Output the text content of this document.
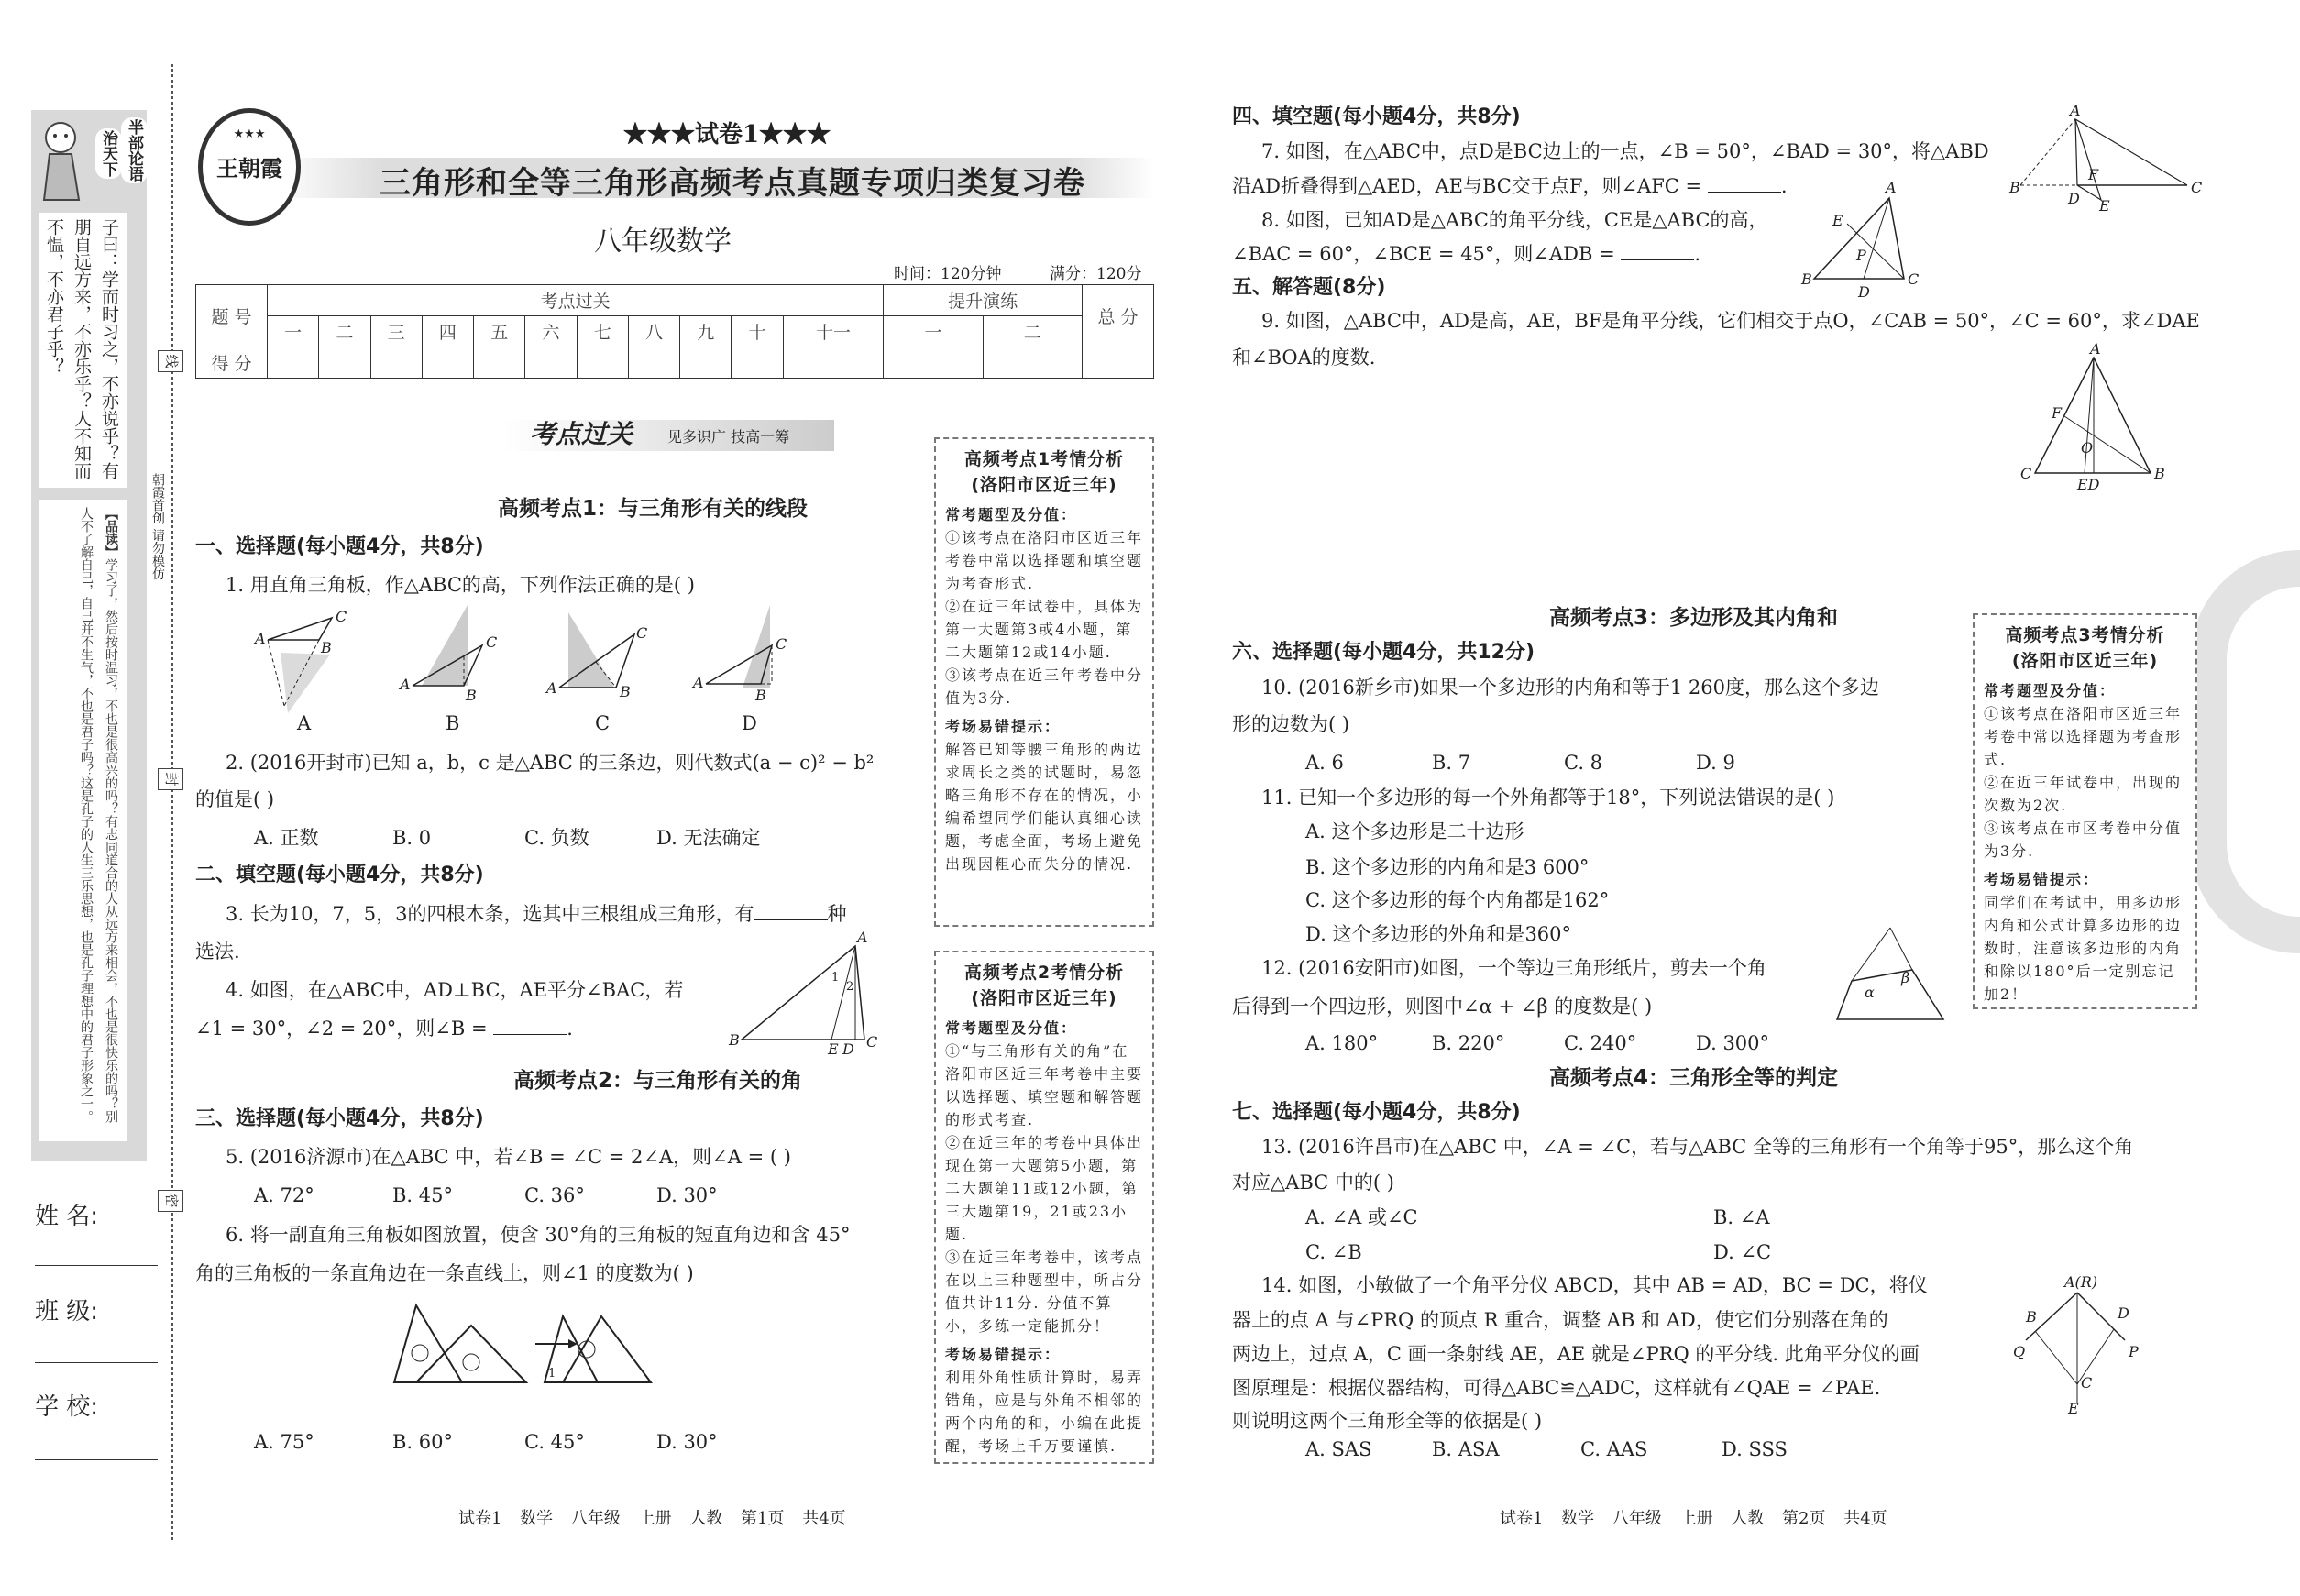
半部论语
治天下
子曰：学而时习之，不亦说乎？有朋自远方来，不亦乐乎？人不知而不愠，不亦君子乎？
【品读】学习了，然后按时温习，不也是很高兴的吗？有志同道合的人从远方来相会，不也是很快乐的吗？别人不了解自己，自己并不生气，不也是君子吗？这是孔子的人生三乐思想，也是孔子理想中的君子形象之一。
姓 名:
班 级:
学 校:
线
封
密
朝霞首创 请勿模仿
★★★
王朝霞
★★★试卷1★★★
三角形和全等三角形高频考点真题专项归类复习卷
八年级数学
时间：120分钟	满分：120分
题 号	考点过关											提升演练		总 分
	一	二	三	四	五	六	七	八	九	十	十一	一	二	
得 分														
考点过关 见多识广 技高一筹
高频考点1：与三角形有关的线段
一、选择题(每小题4分，共8分)
1. 用直角三角板，作△ABC的高，下列作法正确的是( )
A
B
C
A
B
C
A	B
C
A
B
C
A	B	C	D
2. (2016开封市)已知 a，b，c 是△ABC 的三条边，则代数式(a − c)² − b²
的值是( )
A. 正数	B. 0	C. 负数	D. 无法确定
二、填空题(每小题4分，共8分)
3. 长为10，7，5，3的四根木条，选其中三根组成三角形，有	种
选法.
4. 如图，在△ABC中，AD⊥BC，AE平分∠BAC，若
∠1 = 30°，∠2 = 20°，则∠B =	.
B
A
E D C
1
2
高频考点2：与三角形有关的角
三、选择题(每小题4分，共8分)
5. (2016济源市)在△ABC 中，若∠B = ∠C = 2∠A，则∠A = ( )
A. 72°	B. 45°	C. 36°	D. 30°
6. 将一副直角三角板如图放置，使含 30°角的三角板的短直角边和含 45°
角的三角板的一条直角边在一条直线上，则∠1 的度数为( )
1
A. 75°	B. 60°	C. 45°	D. 30°
试卷1 数学 八年级 上册 人教 第1页 共4页
高频考点1考情分析
(洛阳市区近三年)
常考题型及分值：
①该考点在洛阳市区近三年考卷中常以选择题和填空题为考查形式.
②在近三年试卷中，具体为第一大题第3或4小题，第二大题第12或14小题.
③该考点在近三年考卷中分值为3分.
考场易错提示：
解答已知等腰三角形的两边求周长之类的试题时，易忽略三角形不存在的情况，小编希望同学们能认真细心读题，考虑全面，考场上避免出现因粗心而失分的情况.
高频考点2考情分析
(洛阳市区近三年)
常考题型及分值：
①“与三角形有关的角”在洛阳市区近三年考卷中主要以选择题、填空题和解答题的形式考查.
②在近三年的考卷中具体出现在第一大题第5小题，第二大题第11或12小题，第三大题第19，21或23小题.
③在近三年考卷中，该考点在以上三种题型中，所占分值共计11分. 分值不算小，多练一定能抓分！
考场易错提示：
利用外角性质计算时，易弄错角，应是与外角不相邻的两个内角的和，小编在此提醒，考场上千万要谨慎.
高频考点3考情分析
(洛阳市区近三年)
常考题型及分值：
①该考点在洛阳市区近三年考卷中常以选择题为考查形式.
②在近三年试卷中，出现的次数为2次.
③该考点在市区考卷中分值为3分.
考场易错提示：
同学们在考试中，用多边形内角和公式计算多边形的边数时，注意该多边形的内角和除以180°后一定别忘记加2！
四、填空题(每小题4分，共8分)
7. 如图，在△ABC中，点D是BC边上的一点，∠B = 50°，∠BAD = 30°，将△ABD
沿AD折叠得到△AED，AE与BC交于点F，则∠AFC =	.
A
B	C
D E
F
8. 如图，已知AD是△ABC的角平分线，CE是△ABC的高，
∠BAC = 60°，∠BCE = 45°，则∠ADB =	.
B	C
A
E
P
D
五、解答题(8分)
9. 如图，△ABC中，AD是高，AE，BF是角平分线，它们相交于点O，∠CAB = 50°，∠C = 60°，求∠DAE
和∠BOA的度数.	A
C	B
F
O
ED
高频考点3：多边形及其内角和
六、选择题(每小题4分，共12分)
10. (2016新乡市)如果一个多边形的内角和等于1 260度，那么这个多边
形的边数为( )
A. 6	B. 7	C. 8	D. 9
11. 已知一个多边形的每一个外角都等于18°，下列说法错误的是( )
A. 这个多边形是二十边形
B. 这个多边形的内角和是3 600°
C. 这个多边形的每个内角都是162°
D. 这个多边形的外角和是360°
12. (2016安阳市)如图，一个等边三角形纸片，剪去一个角
后得到一个四边形，则图中∠α + ∠β 的度数是( )
α
β
A. 180°	B. 220°	C. 240°	D. 300°
高频考点4：三角形全等的判定
七、选择题(每小题4分，共8分)
13. (2016许昌市)在△ABC 中，∠A = ∠C，若与△ABC 全等的三角形有一个角等于95°，那么这个角
对应△ABC 中的( )
A. ∠A 或∠C	B. ∠A
C. ∠B	D. ∠C
14. 如图，小敏做了一个角平分仪 ABCD，其中 AB = AD，BC = DC，将仪
器上的点 A 与∠PRQ 的顶点 R 重合，调整 AB 和 AD，使它们分别落在角的
两边上，过点 A，C 画一条射线 AE，AE 就是∠PRQ 的平分线. 此角平分仪的画
图原理是：根据仪器结构，可得△ABC≌△ADC，这样就有∠QAE = ∠PAE.
则说明这两个三角形全等的依据是( )
A(R)
B	D
Q	P
C
E
A. SAS	B. ASA	C. AAS	D. SSS
试卷1 数学 八年级 上册 人教 第2页 共4页
